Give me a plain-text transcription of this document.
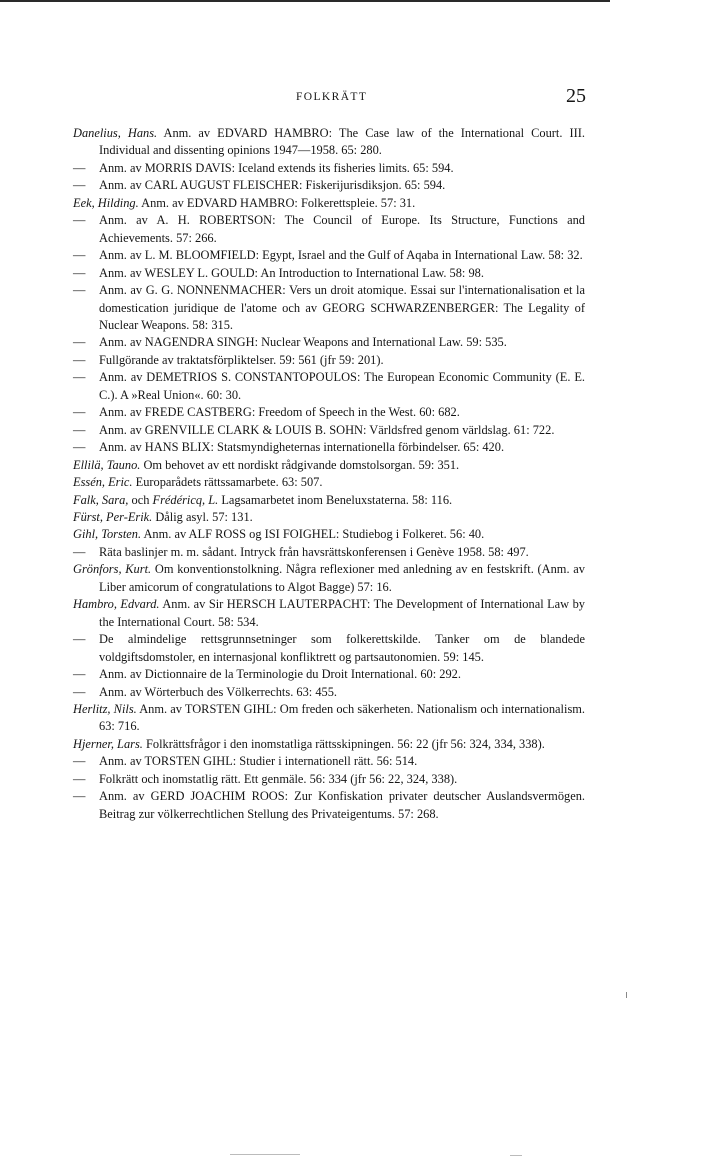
FOLKRÄTT	25
Danelius, Hans. Anm. av EDVARD HAMBRO: The Case law of the International Court. III. Individual and dissenting opinions 1947—1958. 65: 280.
—	Anm. av MORRIS DAVIS: Iceland extends its fisheries limits. 65: 594.
—	Anm. av CARL AUGUST FLEISCHER: Fiskerijurisdiksjon. 65: 594.
Eek, Hilding. Anm. av EDVARD HAMBRO: Folkerettspleie. 57: 31.
—	Anm. av A. H. ROBERTSON: The Council of Europe. Its Structure, Functions and Achievements. 57: 266.
—	Anm. av L. M. BLOOMFIELD: Egypt, Israel and the Gulf of Aqaba in International Law. 58: 32.
—	Anm. av WESLEY L. GOULD: An Introduction to International Law. 58: 98.
—	Anm. av G. G. NONNENMACHER: Vers un droit atomique. Essai sur l'internationalisation et la domestication juridique de l'atome och av GEORG SCHWARZENBERGER: The Legality of Nuclear Weapons. 58: 315.
—	Anm. av NAGENDRA SINGH: Nuclear Weapons and International Law. 59: 535.
—	Fullgörande av traktatsförpliktelser. 59: 561 (jfr 59: 201).
—	Anm. av DEMETRIOS S. CONSTANTOPOULOS: The European Economic Community (E. E. C.). A »Real Union«. 60: 30.
—	Anm. av FREDE CASTBERG: Freedom of Speech in the West. 60: 682.
—	Anm. av GRENVILLE CLARK & LOUIS B. SOHN: Världsfred genom världslag. 61: 722.
—	Anm. av HANS BLIX: Statsmyndigheternas internationella förbindelser. 65: 420.
Ellilä, Tauno. Om behovet av ett nordiskt rådgivande domstolsorgan. 59: 351.
Essén, Eric. Europarådets rättssamarbete. 63: 507.
Falk, Sara, och Frédéricq, L. Lagsamarbetet inom Beneluxstaterna. 58: 116.
Fürst, Per-Erik. Dålig asyl. 57: 131.
Gihl, Torsten. Anm. av ALF ROSS og ISI FOIGHEL: Studiebog i Folkeret. 56: 40.
—	Räta baslinjer m. m. sådant. Intryck från havsrättskonferensen i Genève 1958. 58: 497.
Grönfors, Kurt. Om konventionstolkning. Några reflexioner med anledning av en festskrift. (Anm. av Liber amicorum of congratulations to Algot Bagge) 57: 16.
Hambro, Edvard. Anm. av Sir HERSCH LAUTERPACHT: The Development of International Law by the International Court. 58: 534.
—	De almindelige rettsgrunnsetninger som folkerettskilde. Tanker om de blandede voldgiftsdomstoler, en internasjonal konfliktrett og partsautonomien. 59: 145.
—	Anm. av Dictionnaire de la Terminologie du Droit International. 60: 292.
—	Anm. av Wörterbuch des Völkerrechts. 63: 455.
Herlitz, Nils. Anm. av TORSTEN GIHL: Om freden och säkerheten. Nationalism och internationalism. 63: 716.
Hjerner, Lars. Folkrättsfrågor i den inomstatliga rättsskipningen. 56: 22 (jfr 56: 324, 334, 338).
—	Anm. av TORSTEN GIHL: Studier i internationell rätt. 56: 514.
—	Folkrätt och inomstatlig rätt. Ett genmäle. 56: 334 (jfr 56: 22, 324, 338).
—	Anm. av GERD JOACHIM ROOS: Zur Konfiskation privater deutscher Auslandsvermögen. Beitrag zur völkerrechtlichen Stellung des Privateigentums. 57: 268.
